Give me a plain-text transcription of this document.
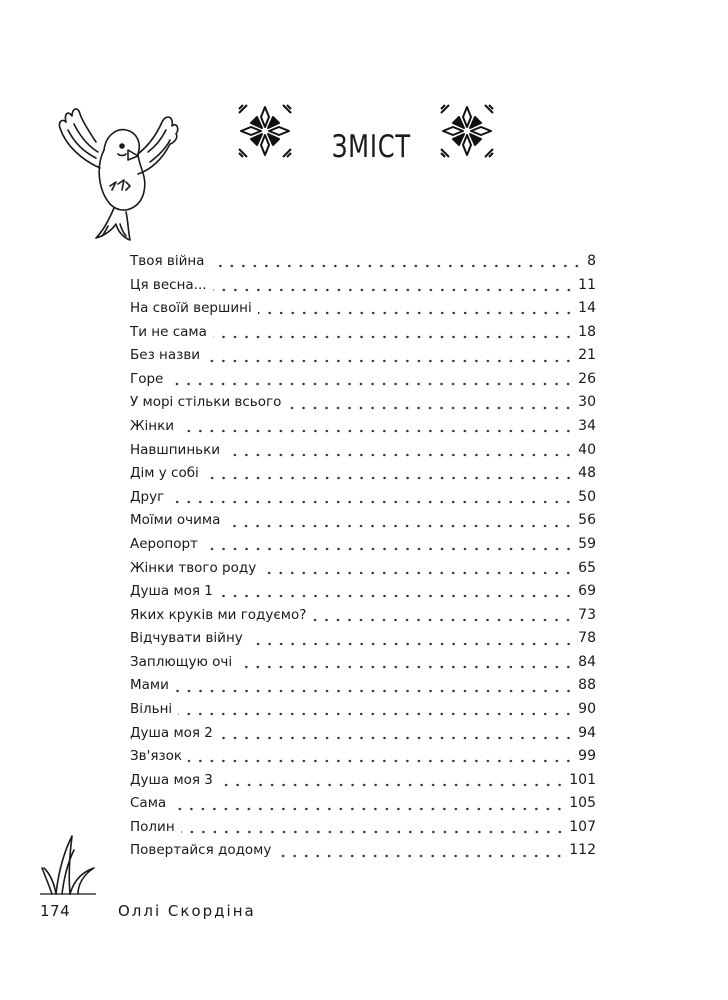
ЗМІСТ
Твоя війна	8
Ця весна...	11
На своїй вершині	14
Ти не сама	18
Без назви	21
Горе	26
У морі стільки всього	30
Жінки	34
Навшпиньки	40
Дім у собі	48
Друг	50
Моїми очима	56
Аеропорт	59
Жінки твого роду	65
Душа моя 1	69
Яких круків ми годуємо?	73
Відчувати війну	78
Заплющую очі	84
Мами	88
Вільні	90
Душа моя 2	94
Зв'язок	99
Душа моя 3	101
Сама	105
Полин	107
Повертайся додому	112
174	Оллі Скордіна
